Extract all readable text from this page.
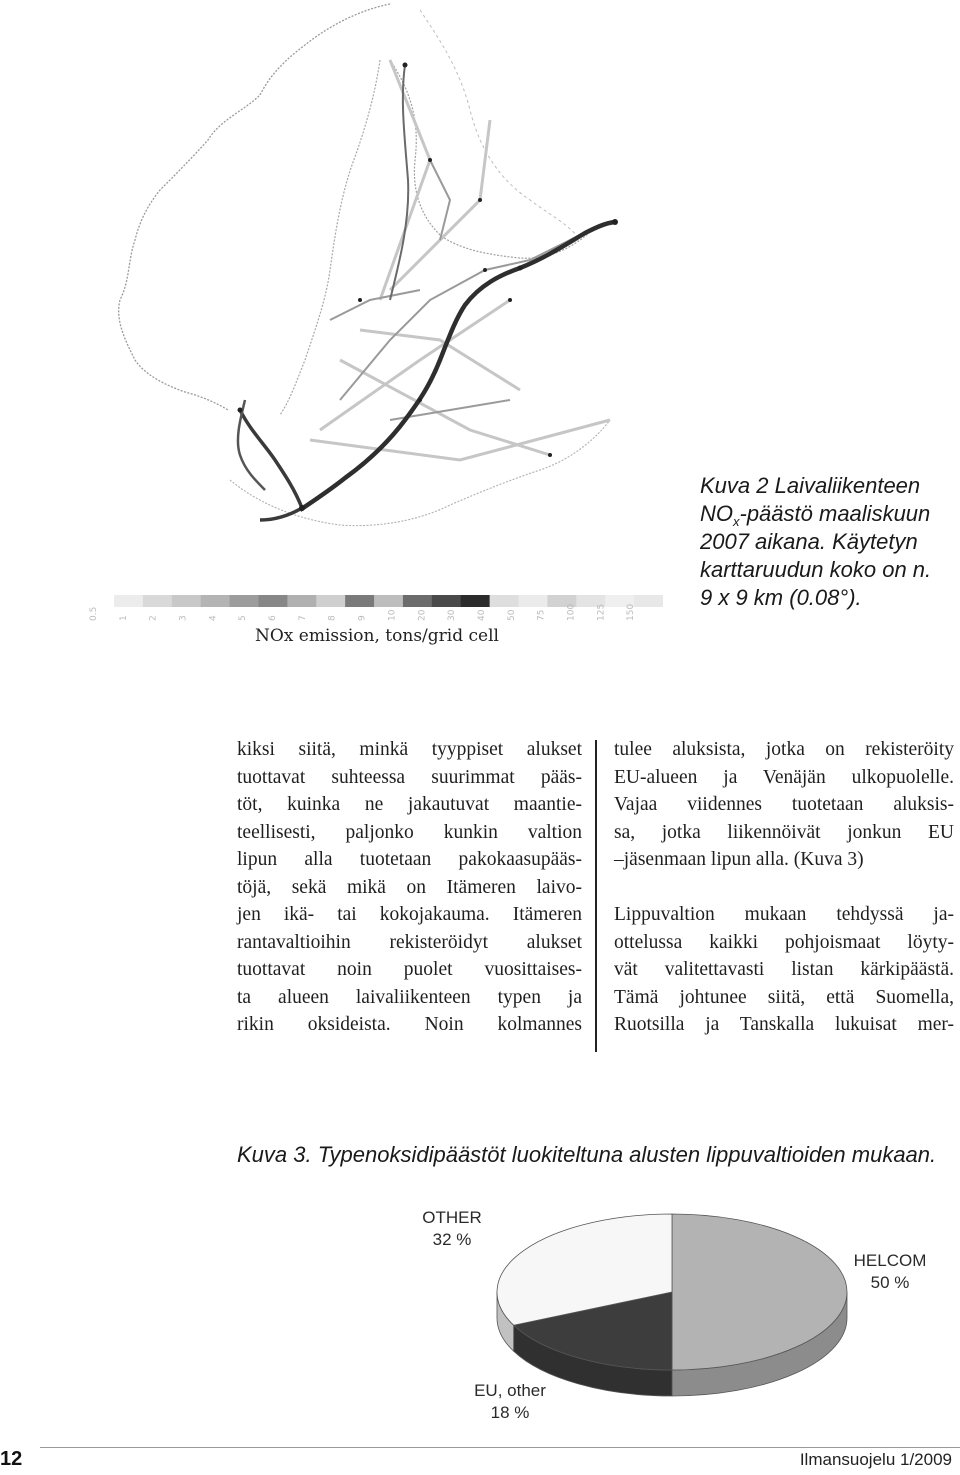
0.5 1 2 3 4 5 6 7 8 9 10 20 30 40 50 75 100 125 150
NOx emission, tons/grid cell
Kuva 2 Laivaliikenteen
$NO_x$-päästö maaliskuun
2007 aikana. Käytetyn
karttaruudun koko on n.
9 x 9 km (0.08°).
kiksi siitä, minkä tyyppiset alukset
tuottavat suhteessa suurimmat pääs-
töt, kuinka ne jakautuvat maantie-
teellisesti, paljonko kunkin valtion
lipun alla tuotetaan pakokaasupääs-
töjä, sekä mikä on Itämeren laivo-
jen ikä- tai kokojakauma. Itämeren
rantavaltioihin rekisteröidyt alukset
tuottavat noin puolet vuosittaises-
ta alueen laivaliikenteen typen ja
rikin oksideista. Noin kolmannes
tulee aluksista, jotka on rekisteröity
EU-alueen ja Venäjän ulkopuolelle.
Vajaa viidennes tuotetaan aluksis-
sa, jotka liikennöivät jonkun EU
–jäsenmaan lipun alla. (Kuva 3)
Lippuvaltion mukaan tehdyssä ja-
ottelussa kaikki pohjoismaat löyty-
vät valitettavasti listan kärkipäästä.
Tämä johtunee siitä, että Suomella,
Ruotsilla ja Tanskalla lukuisat mer-
Kuva 3. Typenoksidipäästöt luokiteltuna alusten lippuvaltioiden mukaan.
OTHER
32 %
HELCOM
50 %
EU, other
18 %
12	Ilmansuojelu 1/2009
